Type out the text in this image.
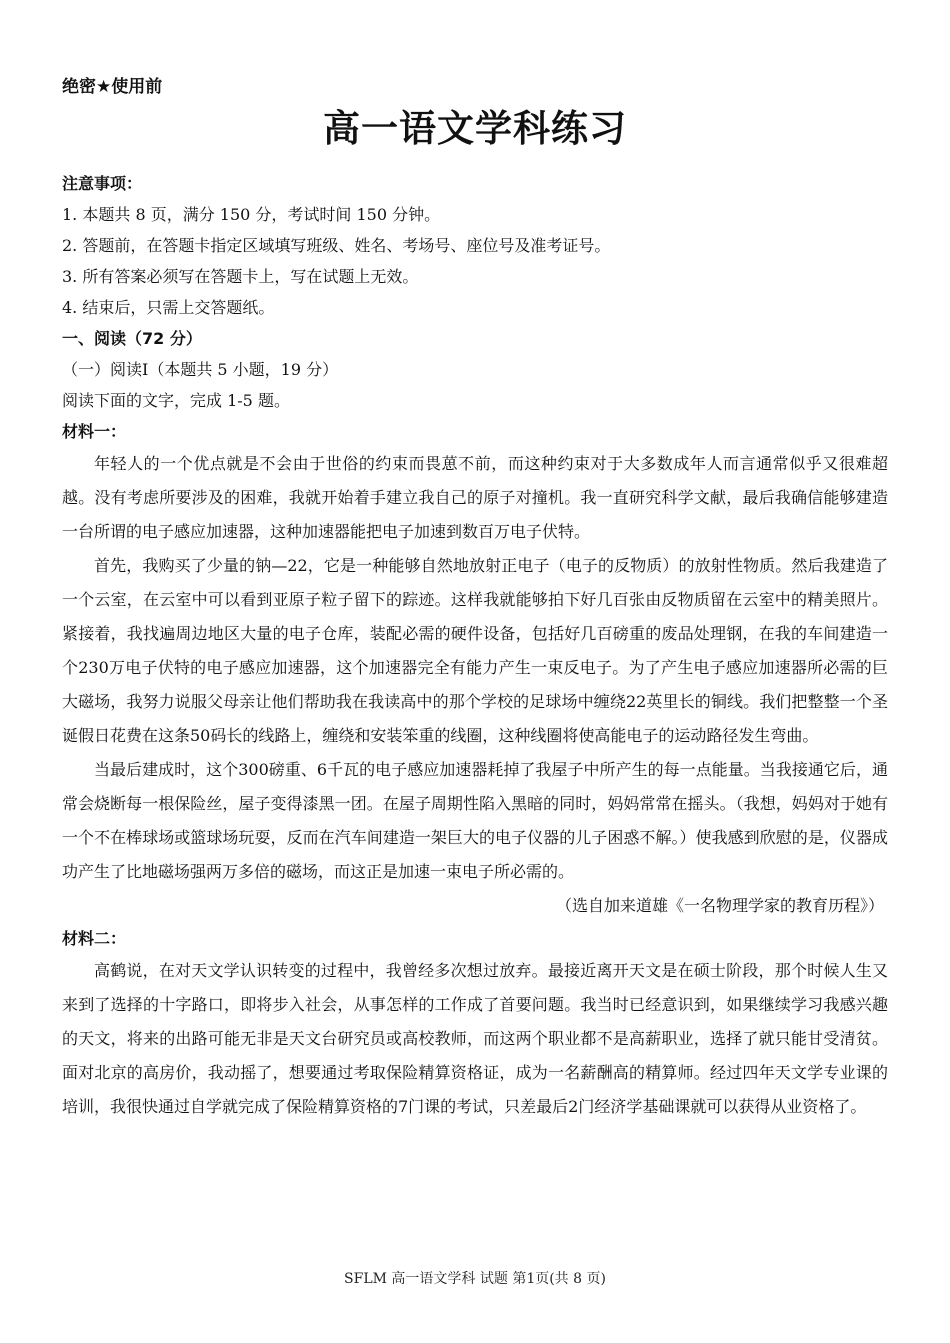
绝密★使用前
高一语文学科练习
注意事项：
1. 本题共 8 页，满分 150 分，考试时间 150 分钟。
2. 答题前，在答题卡指定区域填写班级、姓名、考场号、座位号及准考证号。
3. 所有答案必须写在答题卡上，写在试题上无效。
4. 结束后，只需上交答题纸。
一、阅读（72 分）
（一）阅读Ⅰ（本题共 5 小题，19 分）
阅读下面的文字，完成 1-5 题。
材料一：

年轻人的一个优点就是不会由于世俗的约束而畏葸不前，而这种约束对于大多数成年人而言通常似乎又很难超越。没有考虑所要涉及的困难，我就开始着手建立我自己的原子对撞机。我一直研究科学文献，最后我确信能够建造一台所谓的电子感应加速器，这种加速器能把电子加速到数百万电子伏特。

首先，我购买了少量的钠—22，它是一种能够自然地放射正电子（电子的反物质）的放射性物质。然后我建造了一个云室，在云室中可以看到亚原子粒子留下的踪迹。这样我就能够拍下好几百张由反物质留在云室中的精美照片。紧接着，我找遍周边地区大量的电子仓库，装配必需的硬件设备，包括好几百磅重的废品处理钢，在我的车间建造一个230万电子伏特的电子感应加速器，这个加速器完全有能力产生一束反电子。为了产生电子感应加速器所必需的巨大磁场，我努力说服父母亲让他们帮助我在我读高中的那个学校的足球场中缠绕22英里长的铜线。我们把整整一个圣诞假日花费在这条50码长的线路上，缠绕和安装笨重的线圈，这种线圈将使高能电子的运动路径发生弯曲。

当最后建成时，这个300磅重、6千瓦的电子感应加速器耗掉了我屋子中所产生的每一点能量。当我接通它后，通常会烧断每一根保险丝，屋子变得漆黑一团。在屋子周期性陷入黑暗的同时，妈妈常常在摇头。（我想，妈妈对于她有一个不在棒球场或篮球场玩耍，反而在汽车间建造一架巨大的电子仪器的儿子困惑不解。）使我感到欣慰的是，仪器成功产生了比地磁场强两万多倍的磁场，而这正是加速一束电子所必需的。

（选自加来道雄《一名物理学家的教育历程》）
材料二：

高鹤说，在对天文学认识转变的过程中，我曾经多次想过放弃。最接近离开天文是在硕士阶段，那个时候人生又来到了选择的十字路口，即将步入社会，从事怎样的工作成了首要问题。我当时已经意识到，如果继续学习我感兴趣的天文，将来的出路可能无非是天文台研究员或高校教师，而这两个职业都不是高薪职业，选择了就只能甘受清贫。面对北京的高房价，我动摇了，想要通过考取保险精算资格证，成为一名薪酬高的精算师。经过四年天文学专业课的培训，我很快通过自学就完成了保险精算资格的7门课的考试，只差最后2门经济学基础课就可以获得从业资格了。

SFLM 高一语文学科 试题 第1页(共 8 页)
